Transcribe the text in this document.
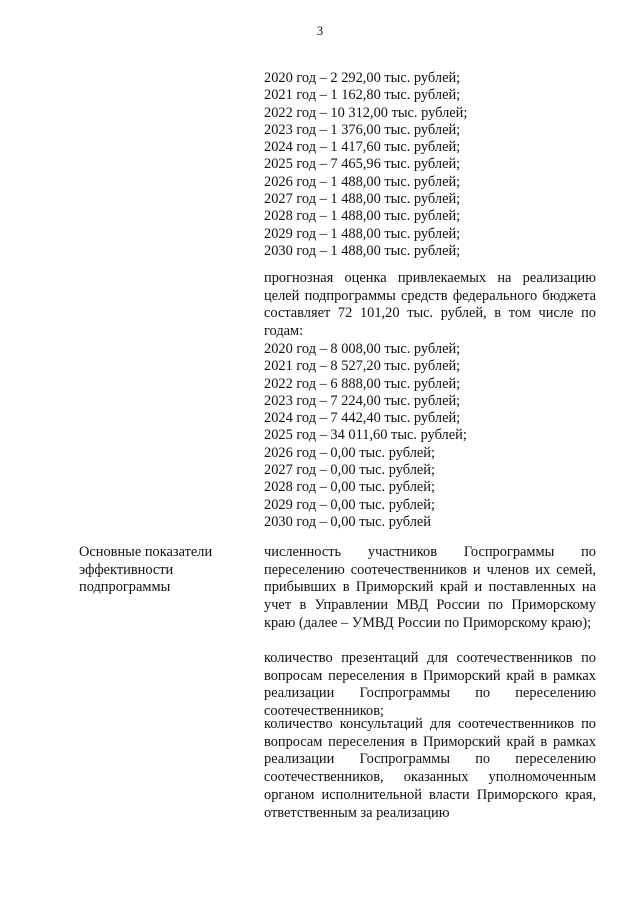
3
2020 год – 2 292,00 тыс. рублей;
2021 год – 1 162,80 тыс. рублей;
2022 год – 10 312,00 тыс. рублей;
2023 год – 1 376,00 тыс. рублей;
2024 год – 1 417,60 тыс. рублей;
2025 год – 7 465,96 тыс. рублей;
2026 год – 1 488,00 тыс. рублей;
2027 год – 1 488,00 тыс. рублей;
2028 год – 1 488,00 тыс. рублей;
2029 год – 1 488,00 тыс. рублей;
2030 год – 1 488,00 тыс. рублей;
прогнозная оценка привлекаемых на реализацию целей подпрограммы средств федерального бюджета составляет 72 101,20 тыс. рублей, в том числе по годам:
2020 год – 8 008,00 тыс. рублей;
2021 год – 8 527,20 тыс. рублей;
2022 год – 6 888,00 тыс. рублей;
2023 год – 7 224,00 тыс. рублей;
2024 год – 7 442,40 тыс. рублей;
2025 год – 34 011,60 тыс. рублей;
2026 год – 0,00 тыс. рублей;
2027 год – 0,00 тыс. рублей;
2028 год – 0,00 тыс. рублей;
2029 год – 0,00 тыс. рублей;
2030 год – 0,00 тыс. рублей
Основные показатели
эффективности
подпрограммы
численность участников Госпрограммы по переселению соотечественников и членов их семей, прибывших в Приморский край и поставленных на учет в Управлении МВД России по Приморскому краю (далее – УМВД России по Приморскому краю);
количество презентаций для соотечественников по вопросам переселения в Приморский край в рамках реализации Госпрограммы по переселению соотечественников;
количество консультаций для соотечественников по вопросам переселения в Приморский край в рамках реализации Госпрограммы по переселению соотечественников, оказанных уполномоченным органом исполнительной власти Приморского края, ответственным за реализацию
